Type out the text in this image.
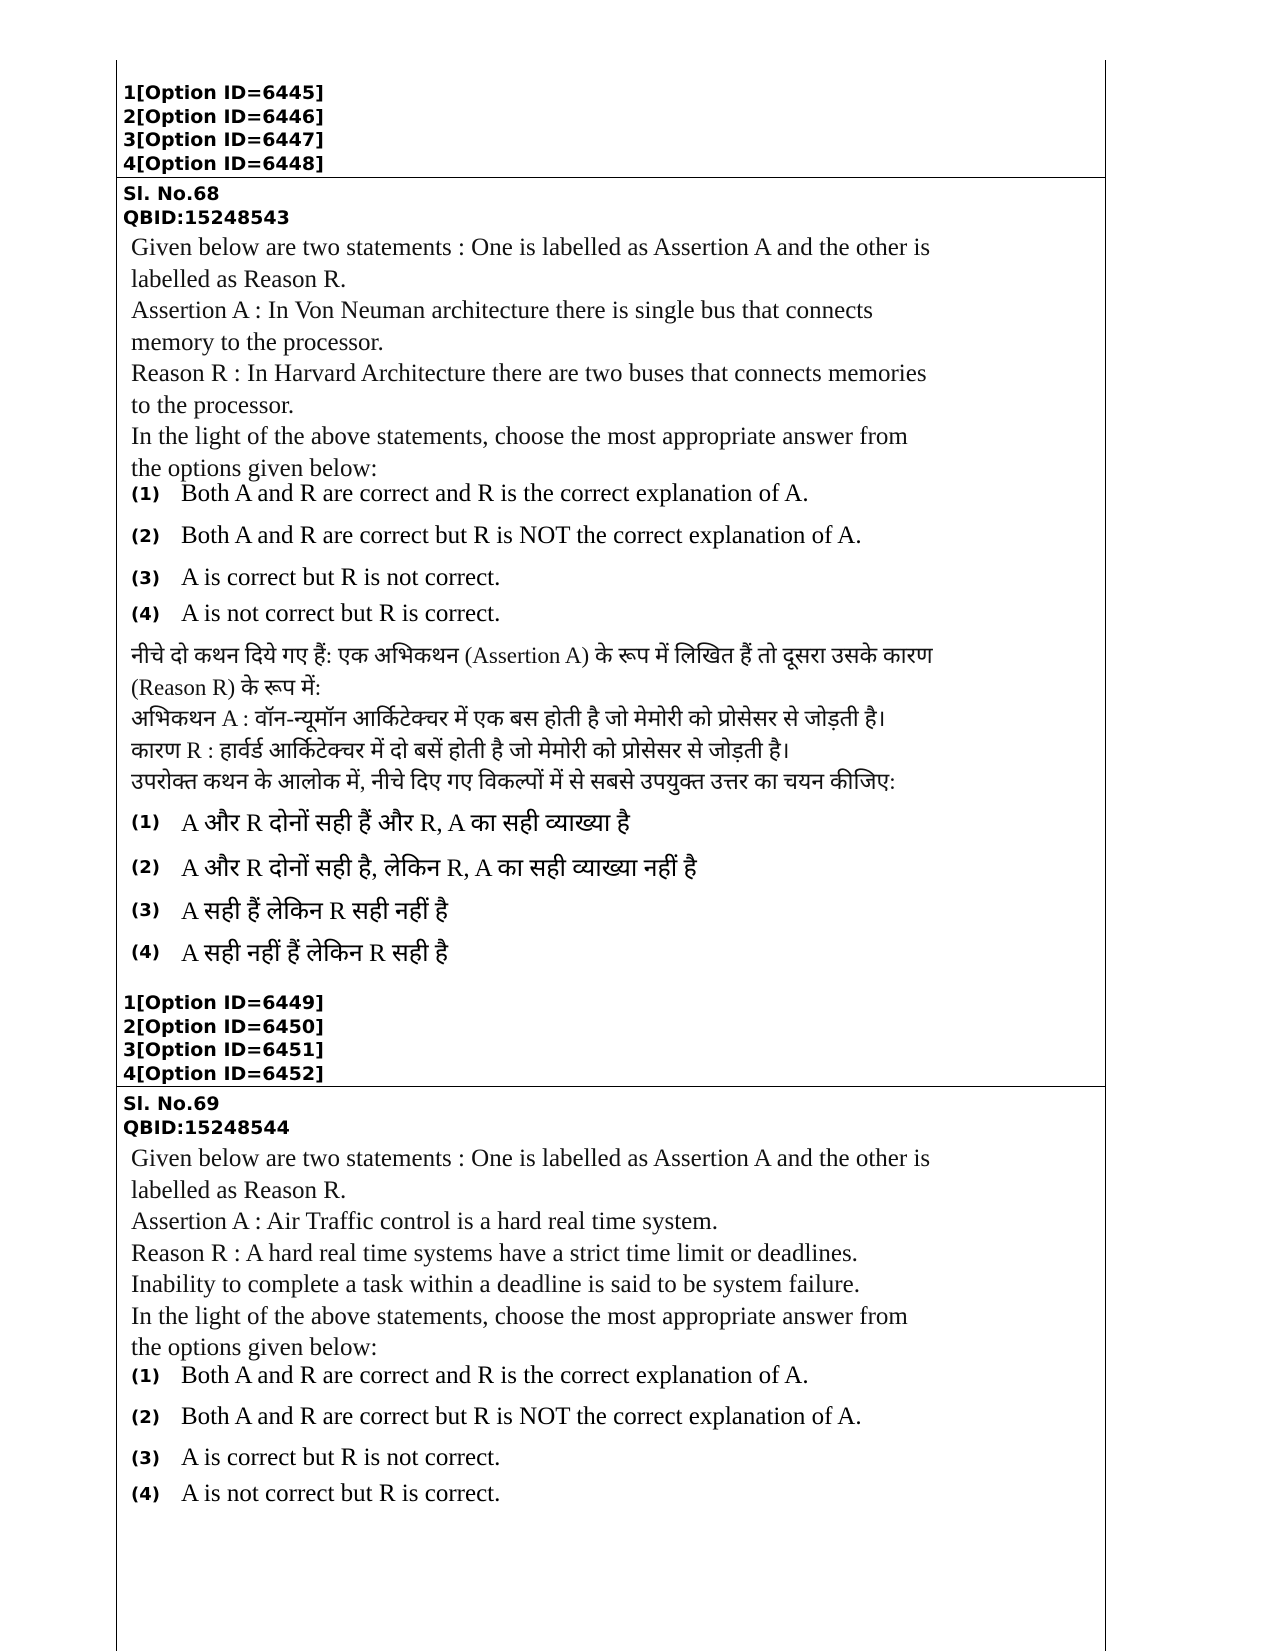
1[Option ID=6445]
2[Option ID=6446]
3[Option ID=6447]
4[Option ID=6448]
Sl. No.68
QBID:15248543
Given below are two statements : One is labelled as Assertion A and the other is
labelled as Reason R.
Assertion A : In Von Neuman architecture there is single bus that connects
memory to the processor.
Reason R : In Harvard Architecture there are two buses that connects memories
to the processor.
In the light of the above statements, choose the most appropriate answer from
the options given below:
(1) Both A and R are correct and R is the correct explanation of A.
(2) Both A and R are correct but R is NOT the correct explanation of A.
(3) A is correct but R is not correct.
(4) A is not correct but R is correct.
नीचे दो कथन दिये गए हैं: एक अभिकथन (Assertion A) के रूप में लिखित हैं तो दूसरा उसके कारण
(Reason R) के रूप में:
अभिकथन A : वॉन-न्यूमॉन आर्किटेक्चर में एक बस होती है जो मेमोरी को प्रोसेसर से जोड़ती है।
कारण R : हार्वर्ड आर्किटेक्चर में दो बसें होती है जो मेमोरी को प्रोसेसर से जोड़ती है।
उपरोक्त कथन के आलोक में, नीचे दिए गए विकल्पों में से सबसे उपयुक्त उत्तर का चयन कीजिए:
(1) A और R दोनों सही हैं और R, A का सही व्याख्या है
(2) A और R दोनों सही है, लेकिन R, A का सही व्याख्या नहीं है
(3) A सही हैं लेकिन R सही नहीं है
(4) A सही नहीं हैं लेकिन R सही है
1[Option ID=6449]
2[Option ID=6450]
3[Option ID=6451]
4[Option ID=6452]
Sl. No.69
QBID:15248544
Given below are two statements : One is labelled as Assertion A and the other is
labelled as Reason R.
Assertion A : Air Traffic control is a hard real time system.
Reason R : A hard real time systems have a strict time limit or deadlines.
Inability to complete a task within a deadline is said to be system failure.
In the light of the above statements, choose the most appropriate answer from
the options given below:
(1) Both A and R are correct and R is the correct explanation of A.
(2) Both A and R are correct but R is NOT the correct explanation of A.
(3) A is correct but R is not correct.
(4) A is not correct but R is correct.
